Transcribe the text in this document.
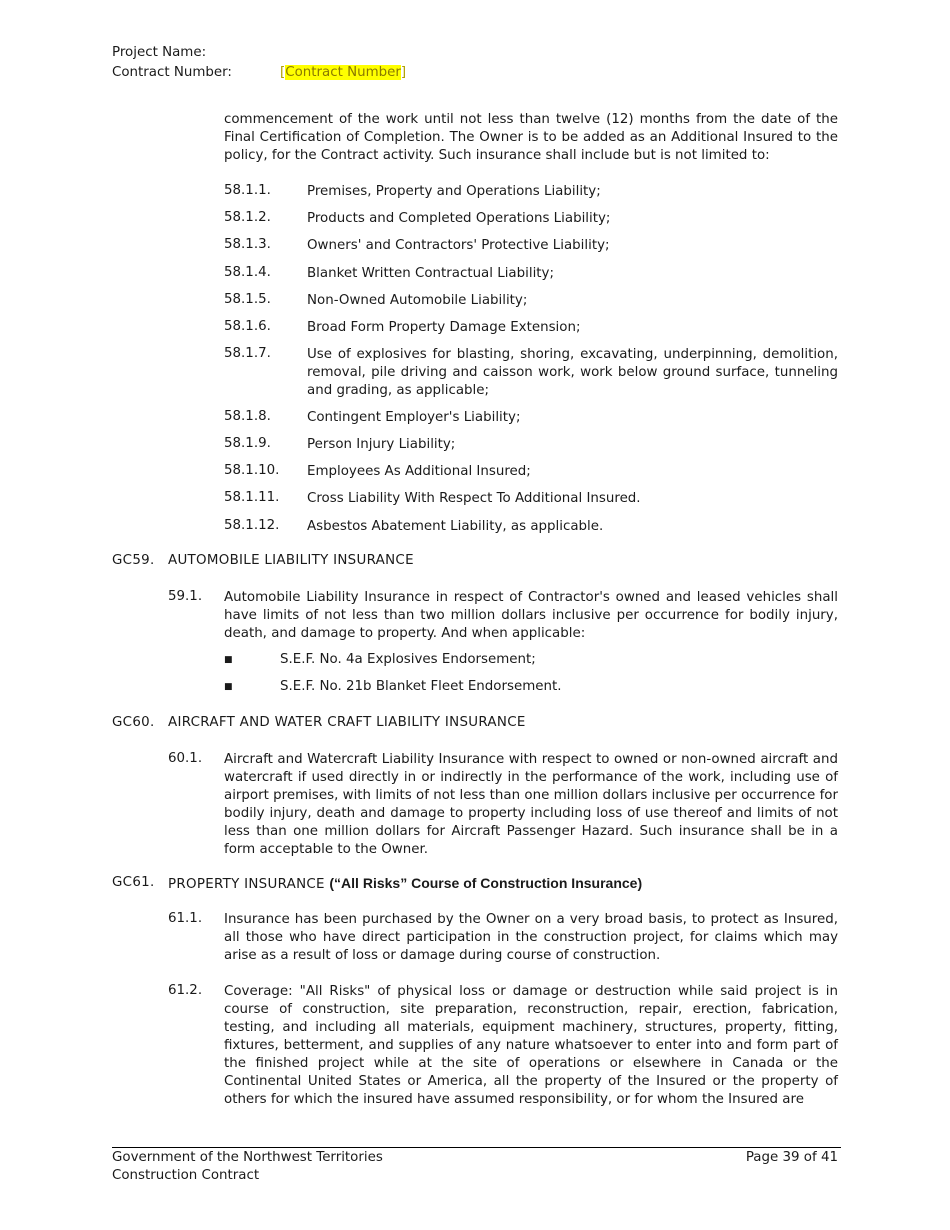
Project Name:
Contract Number:	[Contract Number]

commencement of the work until not less than twelve (12) months from the date of the Final Certification of Completion. The Owner is to be added as an Additional Insured to the policy, for the Contract activity. Such insurance shall include but is not limited to:

58.1.1.	Premises, Property and Operations Liability;
58.1.2.	Products and Completed Operations Liability;
58.1.3.	Owners' and Contractors' Protective Liability;
58.1.4.	Blanket Written Contractual Liability;
58.1.5.	Non-Owned Automobile Liability;
58.1.6.	Broad Form Property Damage Extension;
58.1.7.	Use of explosives for blasting, shoring, excavating, underpinning, demolition, removal, pile driving and caisson work, work below ground surface, tunneling and grading, as applicable;
58.1.8.	Contingent Employer's Liability;
58.1.9.	Person Injury Liability;
58.1.10. Employees As Additional Insured;
58.1.11. Cross Liability With Respect To Additional Insured.
58.1.12. Asbestos Abatement Liability, as applicable.
GC59. AUTOMOBILE LIABILITY INSURANCE
59.1. Automobile Liability Insurance in respect of Contractor's owned and leased vehicles shall have limits of not less than two million dollars inclusive per occurrence for bodily injury, death, and damage to property. And when applicable:
■	S.E.F. No. 4a Explosives Endorsement;
■	S.E.F. No. 21b Blanket Fleet Endorsement.
GC60. AIRCRAFT AND WATER CRAFT LIABILITY INSURANCE
60.1. Aircraft and Watercraft Liability Insurance with respect to owned or non-owned aircraft and watercraft if used directly in or indirectly in the performance of the work, including use of airport premises, with limits of not less than one million dollars inclusive per occurrence for bodily injury, death and damage to property including loss of use thereof and limits of not less than one million dollars for Aircraft Passenger Hazard. Such insurance shall be in a form acceptable to the Owner.
GC61. PROPERTY INSURANCE (“All Risks” Course of Construction Insurance)
61.1. Insurance has been purchased by the Owner on a very broad basis, to protect as Insured, all those who have direct participation in the construction project, for claims which may arise as a result of loss or damage during course of construction.
61.2. Coverage: "All Risks" of physical loss or damage or destruction while said project is in course of construction, site preparation, reconstruction, repair, erection, fabrication, testing, and including all materials, equipment machinery, structures, property, fitting, fixtures, betterment, and supplies of any nature whatsoever to enter into and form part of the finished project while at the site of operations or elsewhere in Canada or the Continental United States or America, all the property of the Insured or the property of others for which the insured have assumed responsibility, or for whom the Insured are
Government of the Northwest Territories
Construction Contract
Page 39 of 41
